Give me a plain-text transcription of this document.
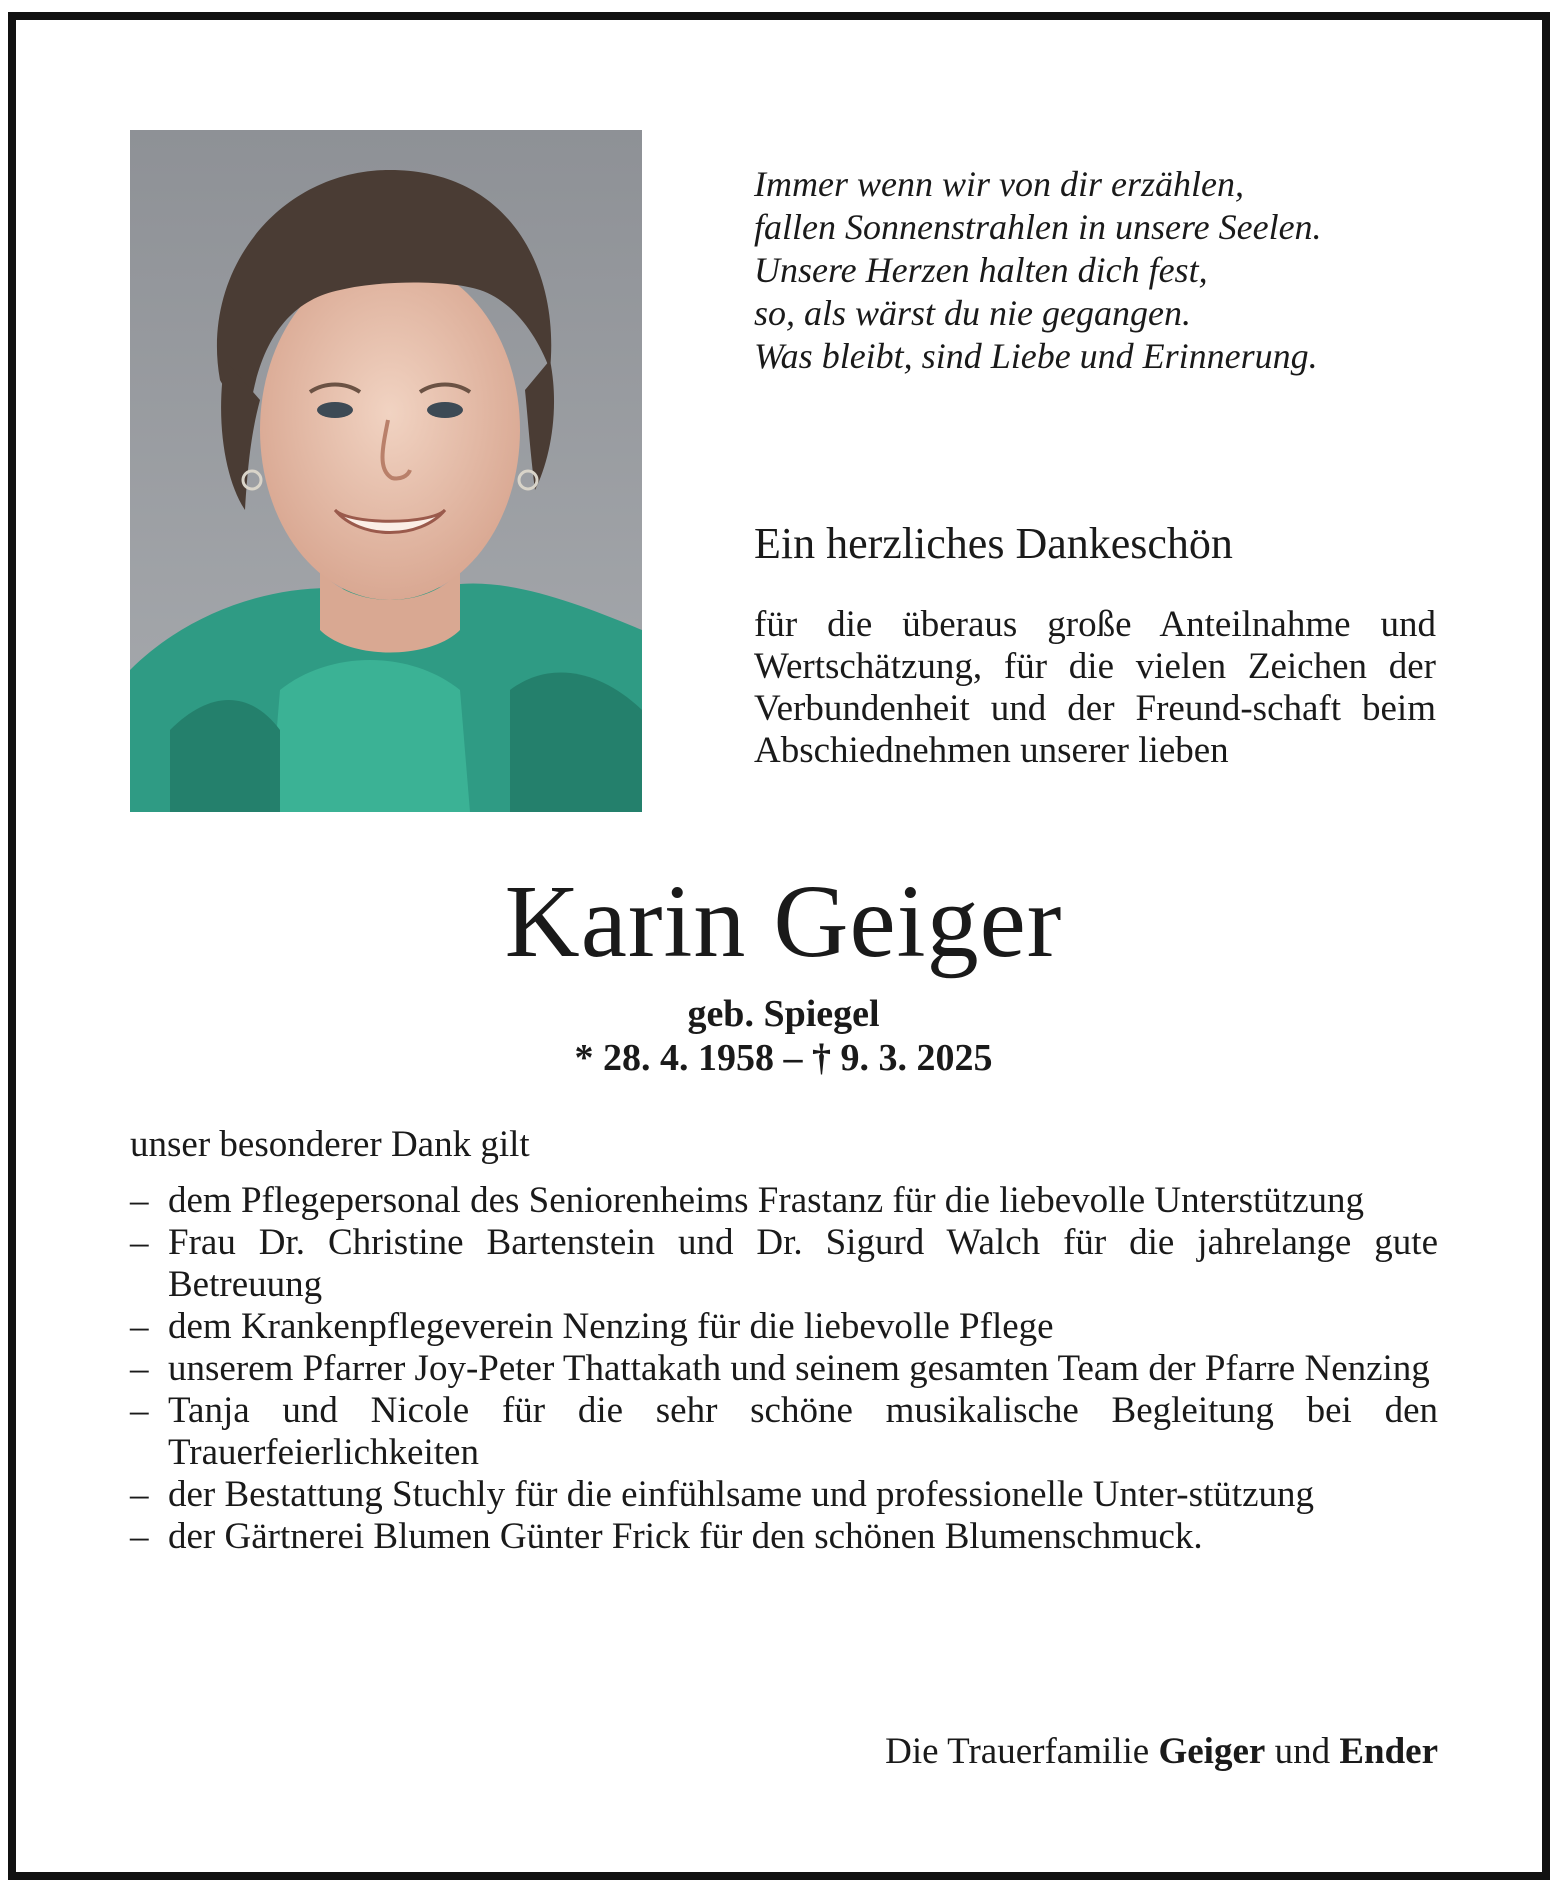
Immer wenn wir von dir erzählen,
fallen Sonnenstrahlen in unsere Seelen.
Unsere Herzen halten dich fest,
so, als wärst du nie gegangen.
Was bleibt, sind Liebe und Erinnerung.
Ein herzliches Dankeschön
für die überaus große Anteilnahme und Wertschätzung, für die vielen Zeichen der Verbundenheit und der Freund-schaft beim Abschiednehmen unserer lieben
Karin Geiger
geb. Spiegel
* 28. 4. 1958 – † 9. 3. 2025
unser besonderer Dank gilt
– dem Pflegepersonal des Seniorenheims Frastanz für die liebevolle Unterstützung
– Frau Dr. Christine Bartenstein und Dr. Sigurd Walch für die jahrelange gute Betreuung
– dem Krankenpflegeverein Nenzing für die liebevolle Pflege
– unserem Pfarrer Joy-Peter Thattakath und seinem gesamten Team der Pfarre Nenzing
– Tanja und Nicole für die sehr schöne musikalische Begleitung bei den Trauerfeierlichkeiten
– der Bestattung Stuchly für die einfühlsame und professionelle Unter-stützung
– der Gärtnerei Blumen Günter Frick für den schönen Blumenschmuck.
Die Trauerfamilie Geiger und Ender
